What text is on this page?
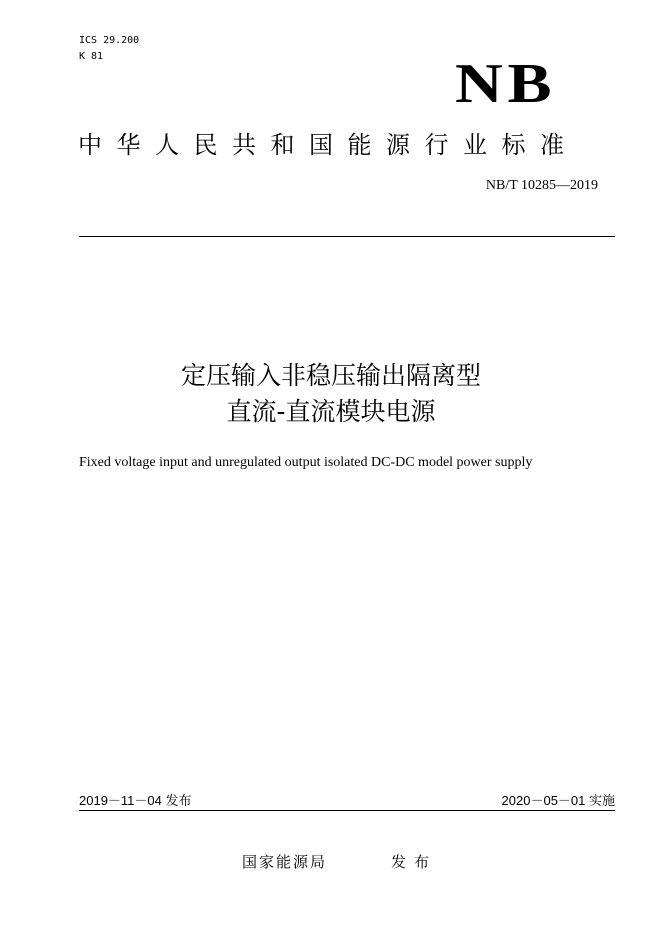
ICS 29.200
K 81	NB
中华人民共和国能源行业标准
NB/T 10285—2019
定压输入非稳压输出隔离型
直流-直流模块电源
Fixed voltage input and unregulated output isolated DC-DC model power supply
2019－11－04 发布	2020－05－01 实施
国家能源局	发布
